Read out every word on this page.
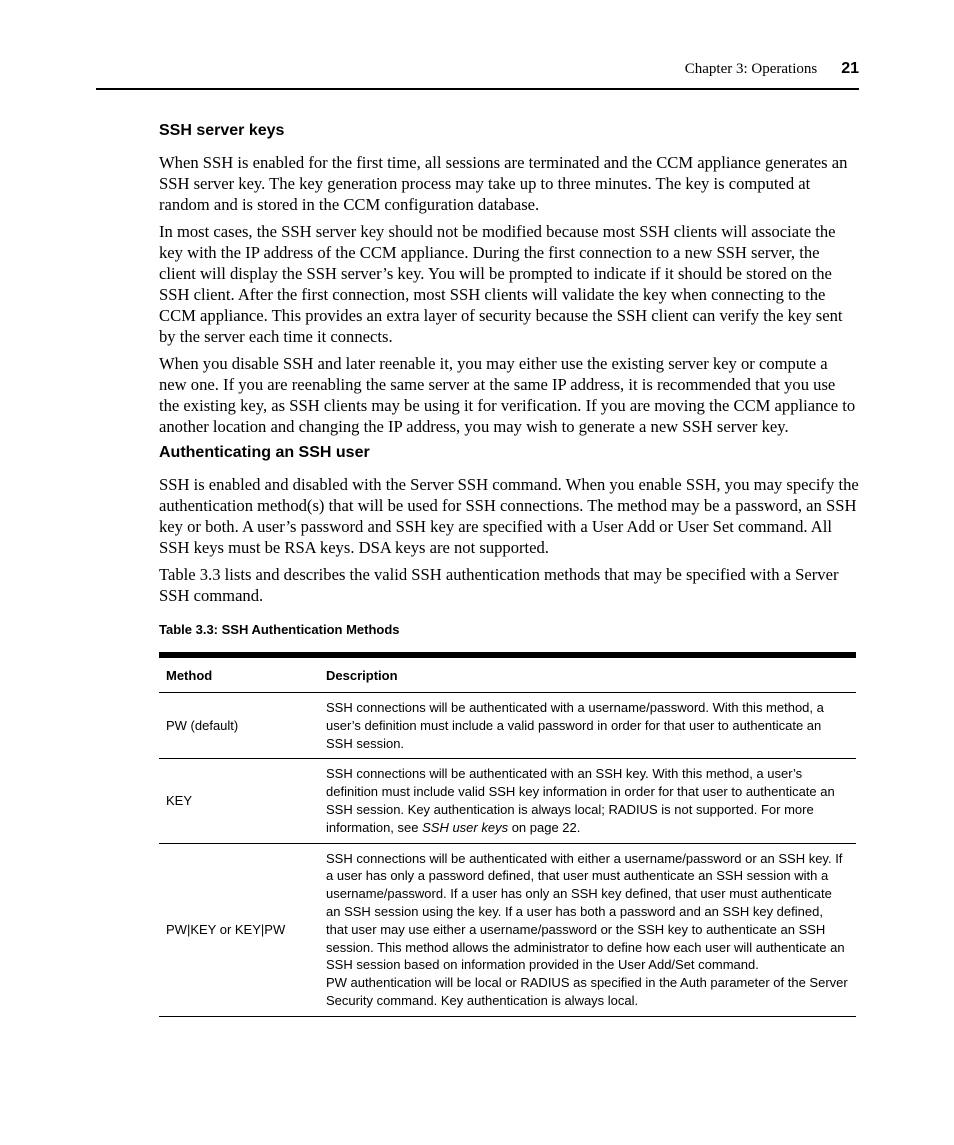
Chapter 3: Operations 21
SSH server keys

When SSH is enabled for the first time, all sessions are terminated and the CCM appliance generates an SSH server key. The key generation process may take up to three minutes. The key is computed at random and is stored in the CCM configuration database.

In most cases, the SSH server key should not be modified because most SSH clients will associate the key with the IP address of the CCM appliance. During the first connection to a new SSH server, the client will display the SSH server’s key. You will be prompted to indicate if it should be stored on the SSH client. After the first connection, most SSH clients will validate the key when connecting to the CCM appliance. This provides an extra layer of security because the SSH client can verify the key sent by the server each time it connects.

When you disable SSH and later reenable it, you may either use the existing server key or compute a new one. If you are reenabling the same server at the same IP address, it is recommended that you use the existing key, as SSH clients may be using it for verification. If you are moving the CCM appliance to another location and changing the IP address, you may wish to generate a new SSH server key.

Authenticating an SSH user

SSH is enabled and disabled with the Server SSH command. When you enable SSH, you may specify the authentication method(s) that will be used for SSH connections. The method may be a password, an SSH key or both. A user’s password and SSH key are specified with a User Add or User Set command. All SSH keys must be RSA keys. DSA keys are not supported.

Table 3.3 lists and describes the valid SSH authentication methods that may be specified with a Server SSH command.

Table 3.3: SSH Authentication Methods
Method	Description
PW (default)	SSH connections will be authenticated with a username/password. With this method, a user’s definition must include a valid password in order for that user to authenticate an SSH session.
KEY	SSH connections will be authenticated with an SSH key. With this method, a user’s definition must include valid SSH key information in order for that user to authenticate an SSH session. Key authentication is always local; RADIUS is not supported. For more information, see SSH user keys on page 22.
PW|KEY or KEY|PW	SSH connections will be authenticated with either a username/password or an SSH key. If a user has only a password defined, that user must authenticate an SSH session with a username/password. If a user has only an SSH key defined, that user must authenticate an SSH session using the key. If a user has both a password and an SSH key defined, that user may use either a username/password or the SSH key to authenticate an SSH session. This method allows the administrator to define how each user will authenticate an SSH session based on information provided in the User Add/Set command.
PW authentication will be local or RADIUS as specified in the Auth parameter of the Server Security command. Key authentication is always local.
